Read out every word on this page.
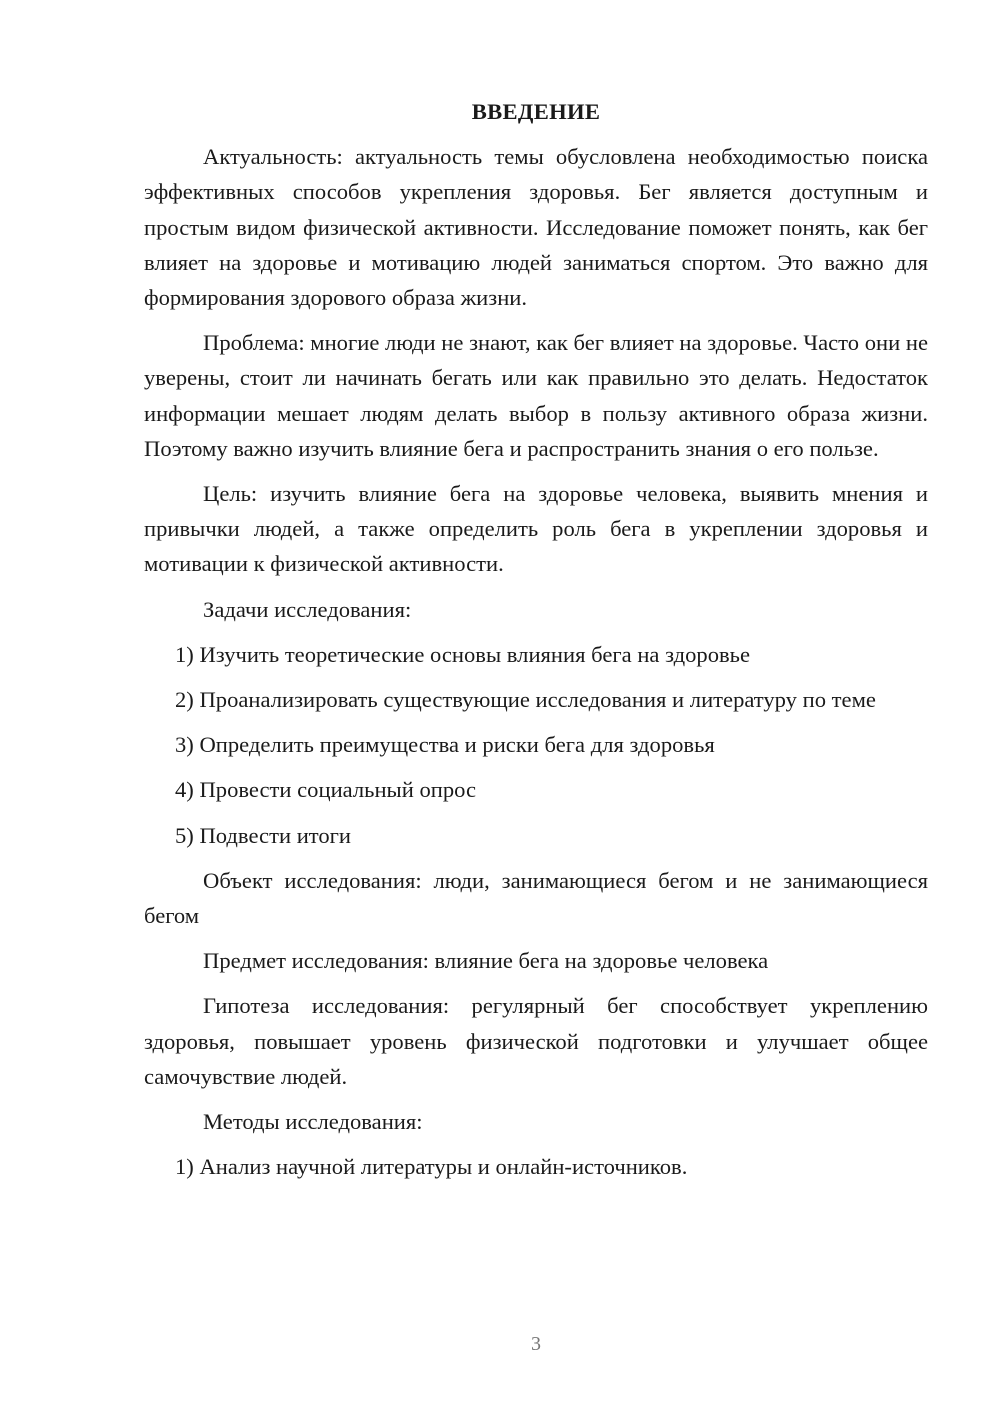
ВВЕДЕНИЕ
Актуальность: актуальность темы обусловлена необходимостью поиска эффективных способов укрепления здоровья. Бег является доступным и простым видом физической активности. Исследование поможет понять, как бег влияет на здоровье и мотивацию людей заниматься спортом. Это важно для формирования здорового образа жизни.
Проблема: многие люди не знают, как бег влияет на здоровье. Часто они не уверены, стоит ли начинать бегать или как правильно это делать. Недостаток информации мешает людям делать выбор в пользу активного образа жизни. Поэтому важно изучить влияние бега и распространить знания о его пользе.
Цель: изучить влияние бега на здоровье человека, выявить мнения и привычки людей, а также определить роль бега в укреплении здоровья и мотивации к физической активности.
Задачи исследования:
1) Изучить теоретические основы влияния бега на здоровье
2) Проанализировать существующие исследования и литературу по теме
3) Определить преимущества и риски бега для здоровья
4) Провести социальный опрос
5) Подвести итоги
Объект исследования: люди, занимающиеся бегом и не занимающиеся бегом
Предмет исследования: влияние бега на здоровье человека
Гипотеза исследования: регулярный бег способствует укреплению здоровья, повышает уровень физической подготовки и улучшает общее самочувствие людей.
Методы исследования:
1) Анализ научной литературы и онлайн-источников.
3
